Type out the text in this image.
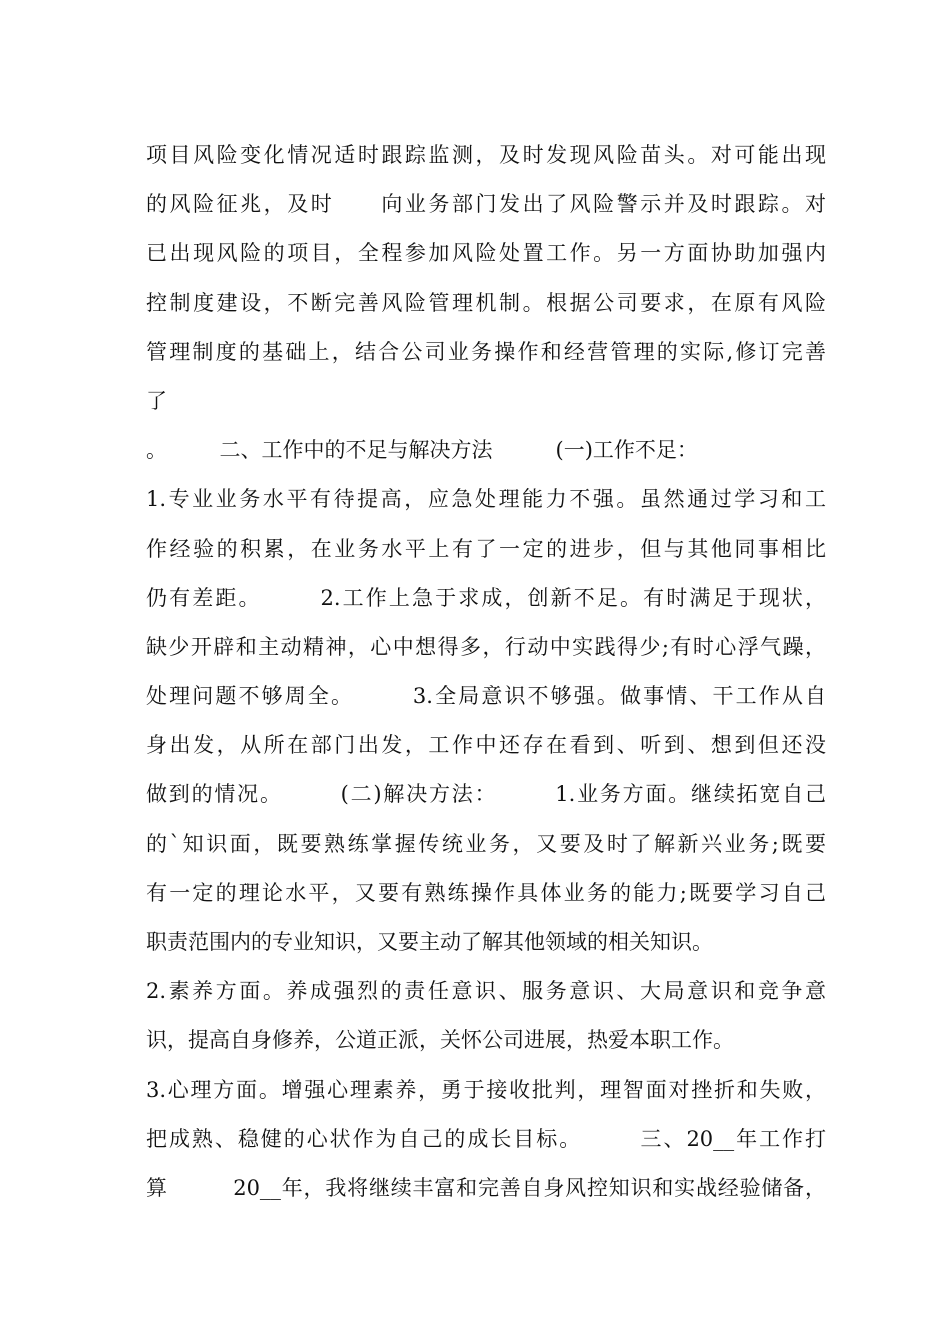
项目风险变化情况适时跟踪监测，及时发现风险苗头。对可能出现
的风险征兆，及时　　向业务部门发出了风险警示并及时跟踪。对
已出现风险的项目，全程参加风险处置工作。另一方面协助加强内
控制度建设，不断完善风险管理机制。根据公司要求，在原有风险
管理制度的基础上，结合公司业务操作和经营管理的实际,修订完善
了
。　　　二、工作中的不足与解决方法　　　(一)工作不足：
1.专业业务水平有待提高，应急处理能力不强。虽然通过学习和工
作经验的积累，在业务水平上有了一定的进步，但与其他同事相比
仍有差距。　　　2.工作上急于求成，创新不足。有时满足于现状，
缺少开辟和主动精神，心中想得多，行动中实践得少;有时心浮气躁，
处理问题不够周全。　　　3.全局意识不够强。做事情、干工作从自
身出发，从所在部门出发，工作中还存在看到、听到、想到但还没
做到的情况。　　　(二)解决方法：　　　1.业务方面。继续拓宽自己
的`知识面，既要熟练掌握传统业务，又要及时了解新兴业务;既要
有一定的理论水平，又要有熟练操作具体业务的能力;既要学习自己
职责范围内的专业知识，又要主动了解其他领域的相关知识。
2.素养方面。养成强烈的责任意识、服务意识、大局意识和竞争意
识，提高自身修养，公道正派，关怀公司进展，热爱本职工作。
3.心理方面。增强心理素养，勇于接收批判，理智面对挫折和失败，
把成熟、稳健的心状作为自己的成长目标。　　　三、20__年工作打
算　　　20__年，我将继续丰富和完善自身风控知识和实战经验储备，
